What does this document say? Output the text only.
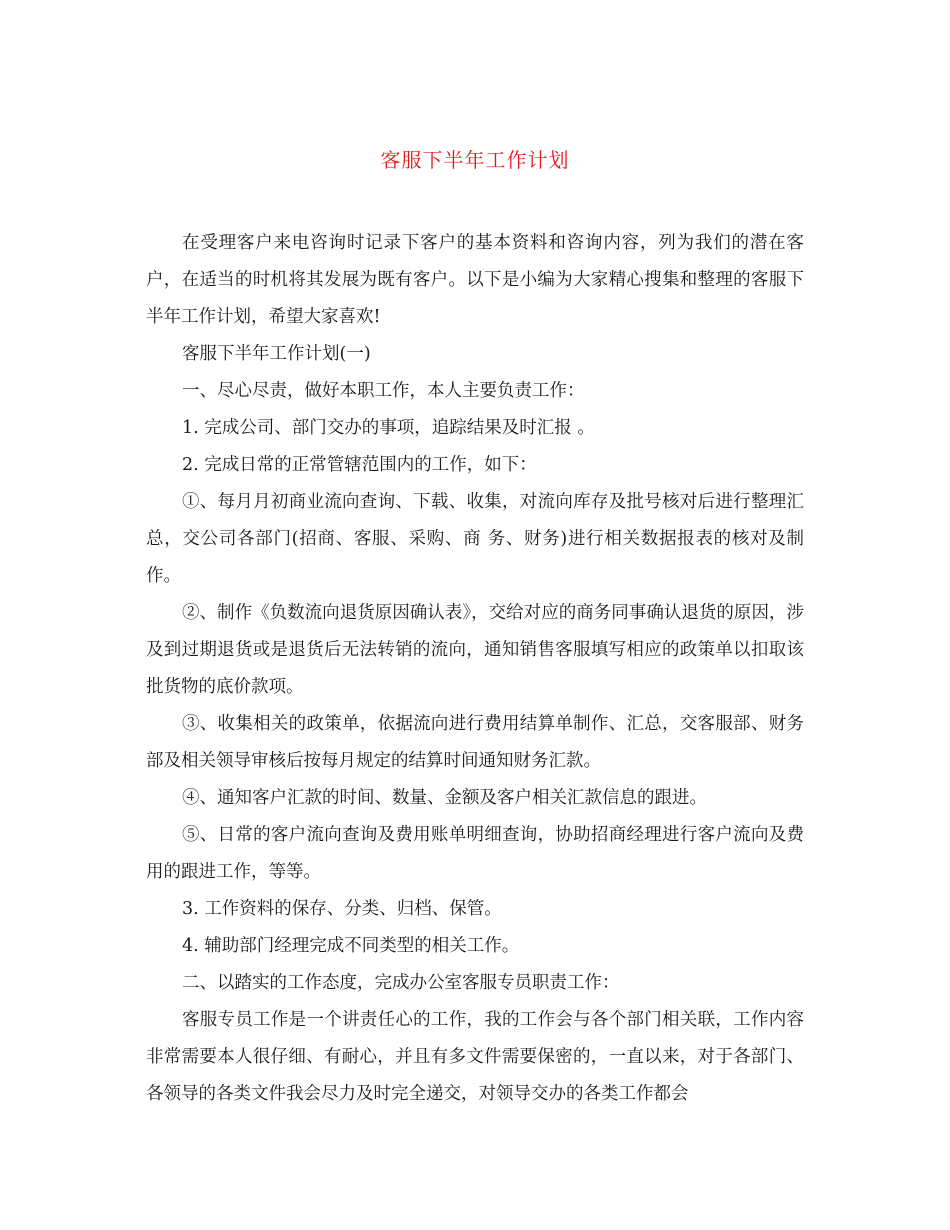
客服下半年工作计划

在受理客户来电咨询时记录下客户的基本资料和咨询内容，列为我们的潜在客户，在适当的时机将其发展为既有客户。以下是小编为大家精心搜集和整理的客服下半年工作计划，希望大家喜欢!

客服下半年工作计划(一)

一、尽心尽责，做好本职工作，本人主要负责工作：

1. 完成公司、部门交办的事项，追踪结果及时汇报 。

2. 完成日常的正常管辖范围内的工作，如下：

①、每月月初商业流向查询、下载、收集，对流向库存及批号核对后进行整理汇总，交公司各部门(招商、客服、采购、商 务、财务)进行相关数据报表的核对及制作。

②、制作《负数流向退货原因确认表》，交给对应的商务同事确认退货的原因，涉及到过期退货或是退货后无法转销的流向，通知销售客服填写相应的政策单以扣取该批货物的底价款项。

③、收集相关的政策单，依据流向进行费用结算单制作、汇总，交客服部、财务部及相关领导审核后按每月规定的结算时间通知财务汇款。

④、通知客户汇款的时间、数量、金额及客户相关汇款信息的跟进。

⑤、日常的客户流向查询及费用账单明细查询，协助招商经理进行客户流向及费用的跟进工作，等等。

3. 工作资料的保存、分类、归档、保管。

4. 辅助部门经理完成不同类型的相关工作。

二、以踏实的工作态度，完成办公室客服专员职责工作：

客服专员工作是一个讲责任心的工作，我的工作会与各个部门相关联，工作内容非常需要本人很仔细、有耐心，并且有多文件需要保密的，一直以来，对于各部门、各领导的各类文件我会尽力及时完全递交，对领导交办的各类工作都会
